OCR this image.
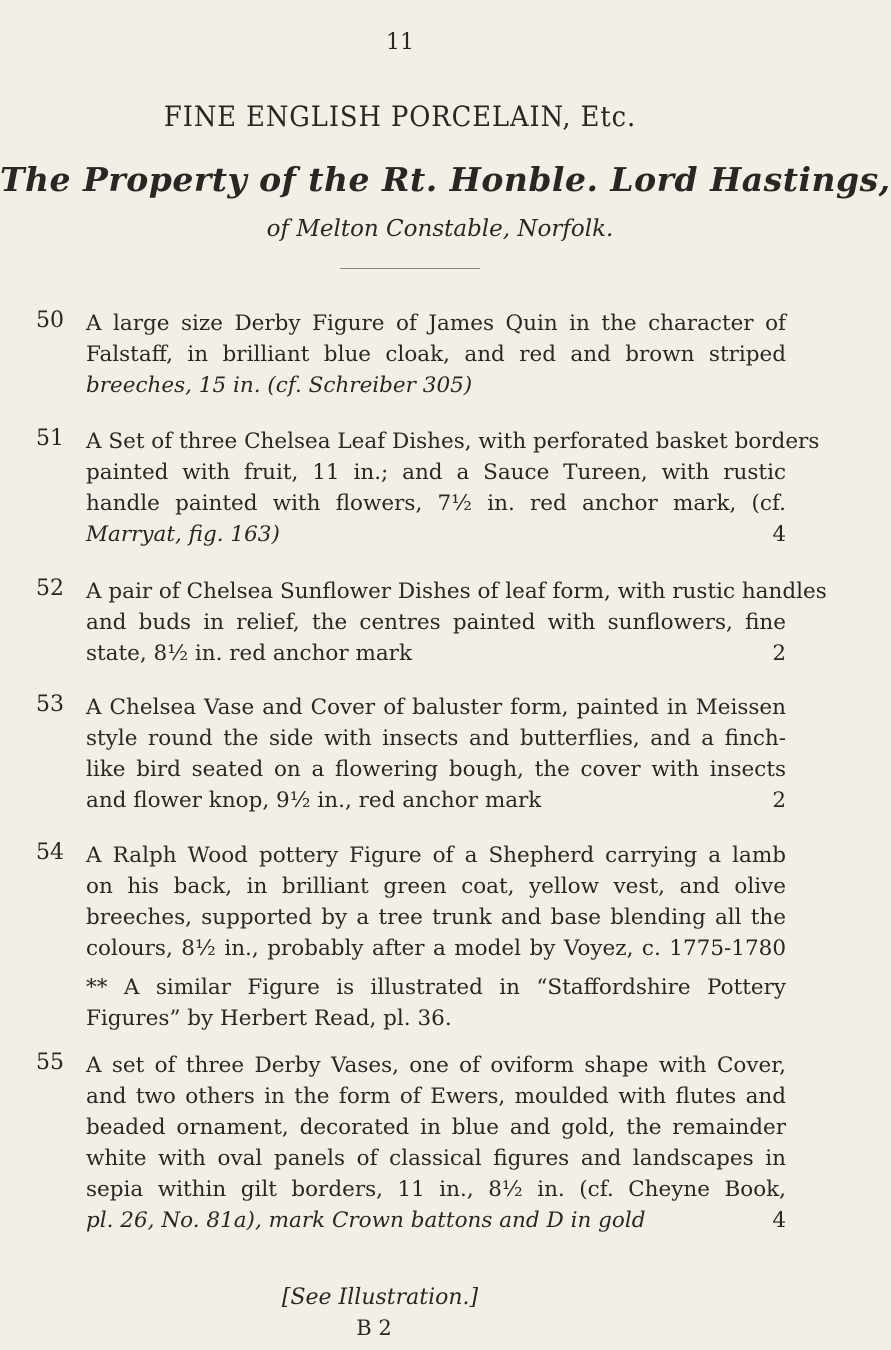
11
FINE ENGLISH PORCELAIN, Etc.
The Property of the Rt. Honble. Lord Hastings,
of Melton Constable, Norfolk.
50 A large size Derby Figure of James Quin in the character of
Falstaff, in brilliant blue cloak, and red and brown striped
breeches, 15 in. (cf. Schreiber 305)
51 A Set of three Chelsea Leaf Dishes, with perforated basket borders
painted with fruit, 11 in.; and a Sauce Tureen, with rustic
handle painted with flowers, 7½ in. red anchor mark, (cf.
Marryat, fig. 163)	4
52 A pair of Chelsea Sunflower Dishes of leaf form, with rustic handles
and buds in relief, the centres painted with sunflowers, fine
state, 8½ in. red anchor mark	2
53 A Chelsea Vase and Cover of baluster form, painted in Meissen
style round the side with insects and butterflies, and a finch-
like bird seated on a flowering bough, the cover with insects
and flower knop, 9½ in., red anchor mark	2
54 A Ralph Wood pottery Figure of a Shepherd carrying a lamb
on his back, in brilliant green coat, yellow vest, and olive
breeches, supported by a tree trunk and base blending all the
colours, 8½ in., probably after a model by Voyez, c. 1775-1780
** A similar Figure is illustrated in “Staffordshire Pottery
Figures” by Herbert Read, pl. 36.
55 A set of three Derby Vases, one of oviform shape with Cover,
and two others in the form of Ewers, moulded with flutes and
beaded ornament, decorated in blue and gold, the remainder
white with oval panels of classical figures and landscapes in
sepia within gilt borders, 11 in., 8½ in. (cf. Cheyne Book,
pl. 26, No. 81a), mark Crown battons and D in gold	4
[See Illustration.]
B 2
